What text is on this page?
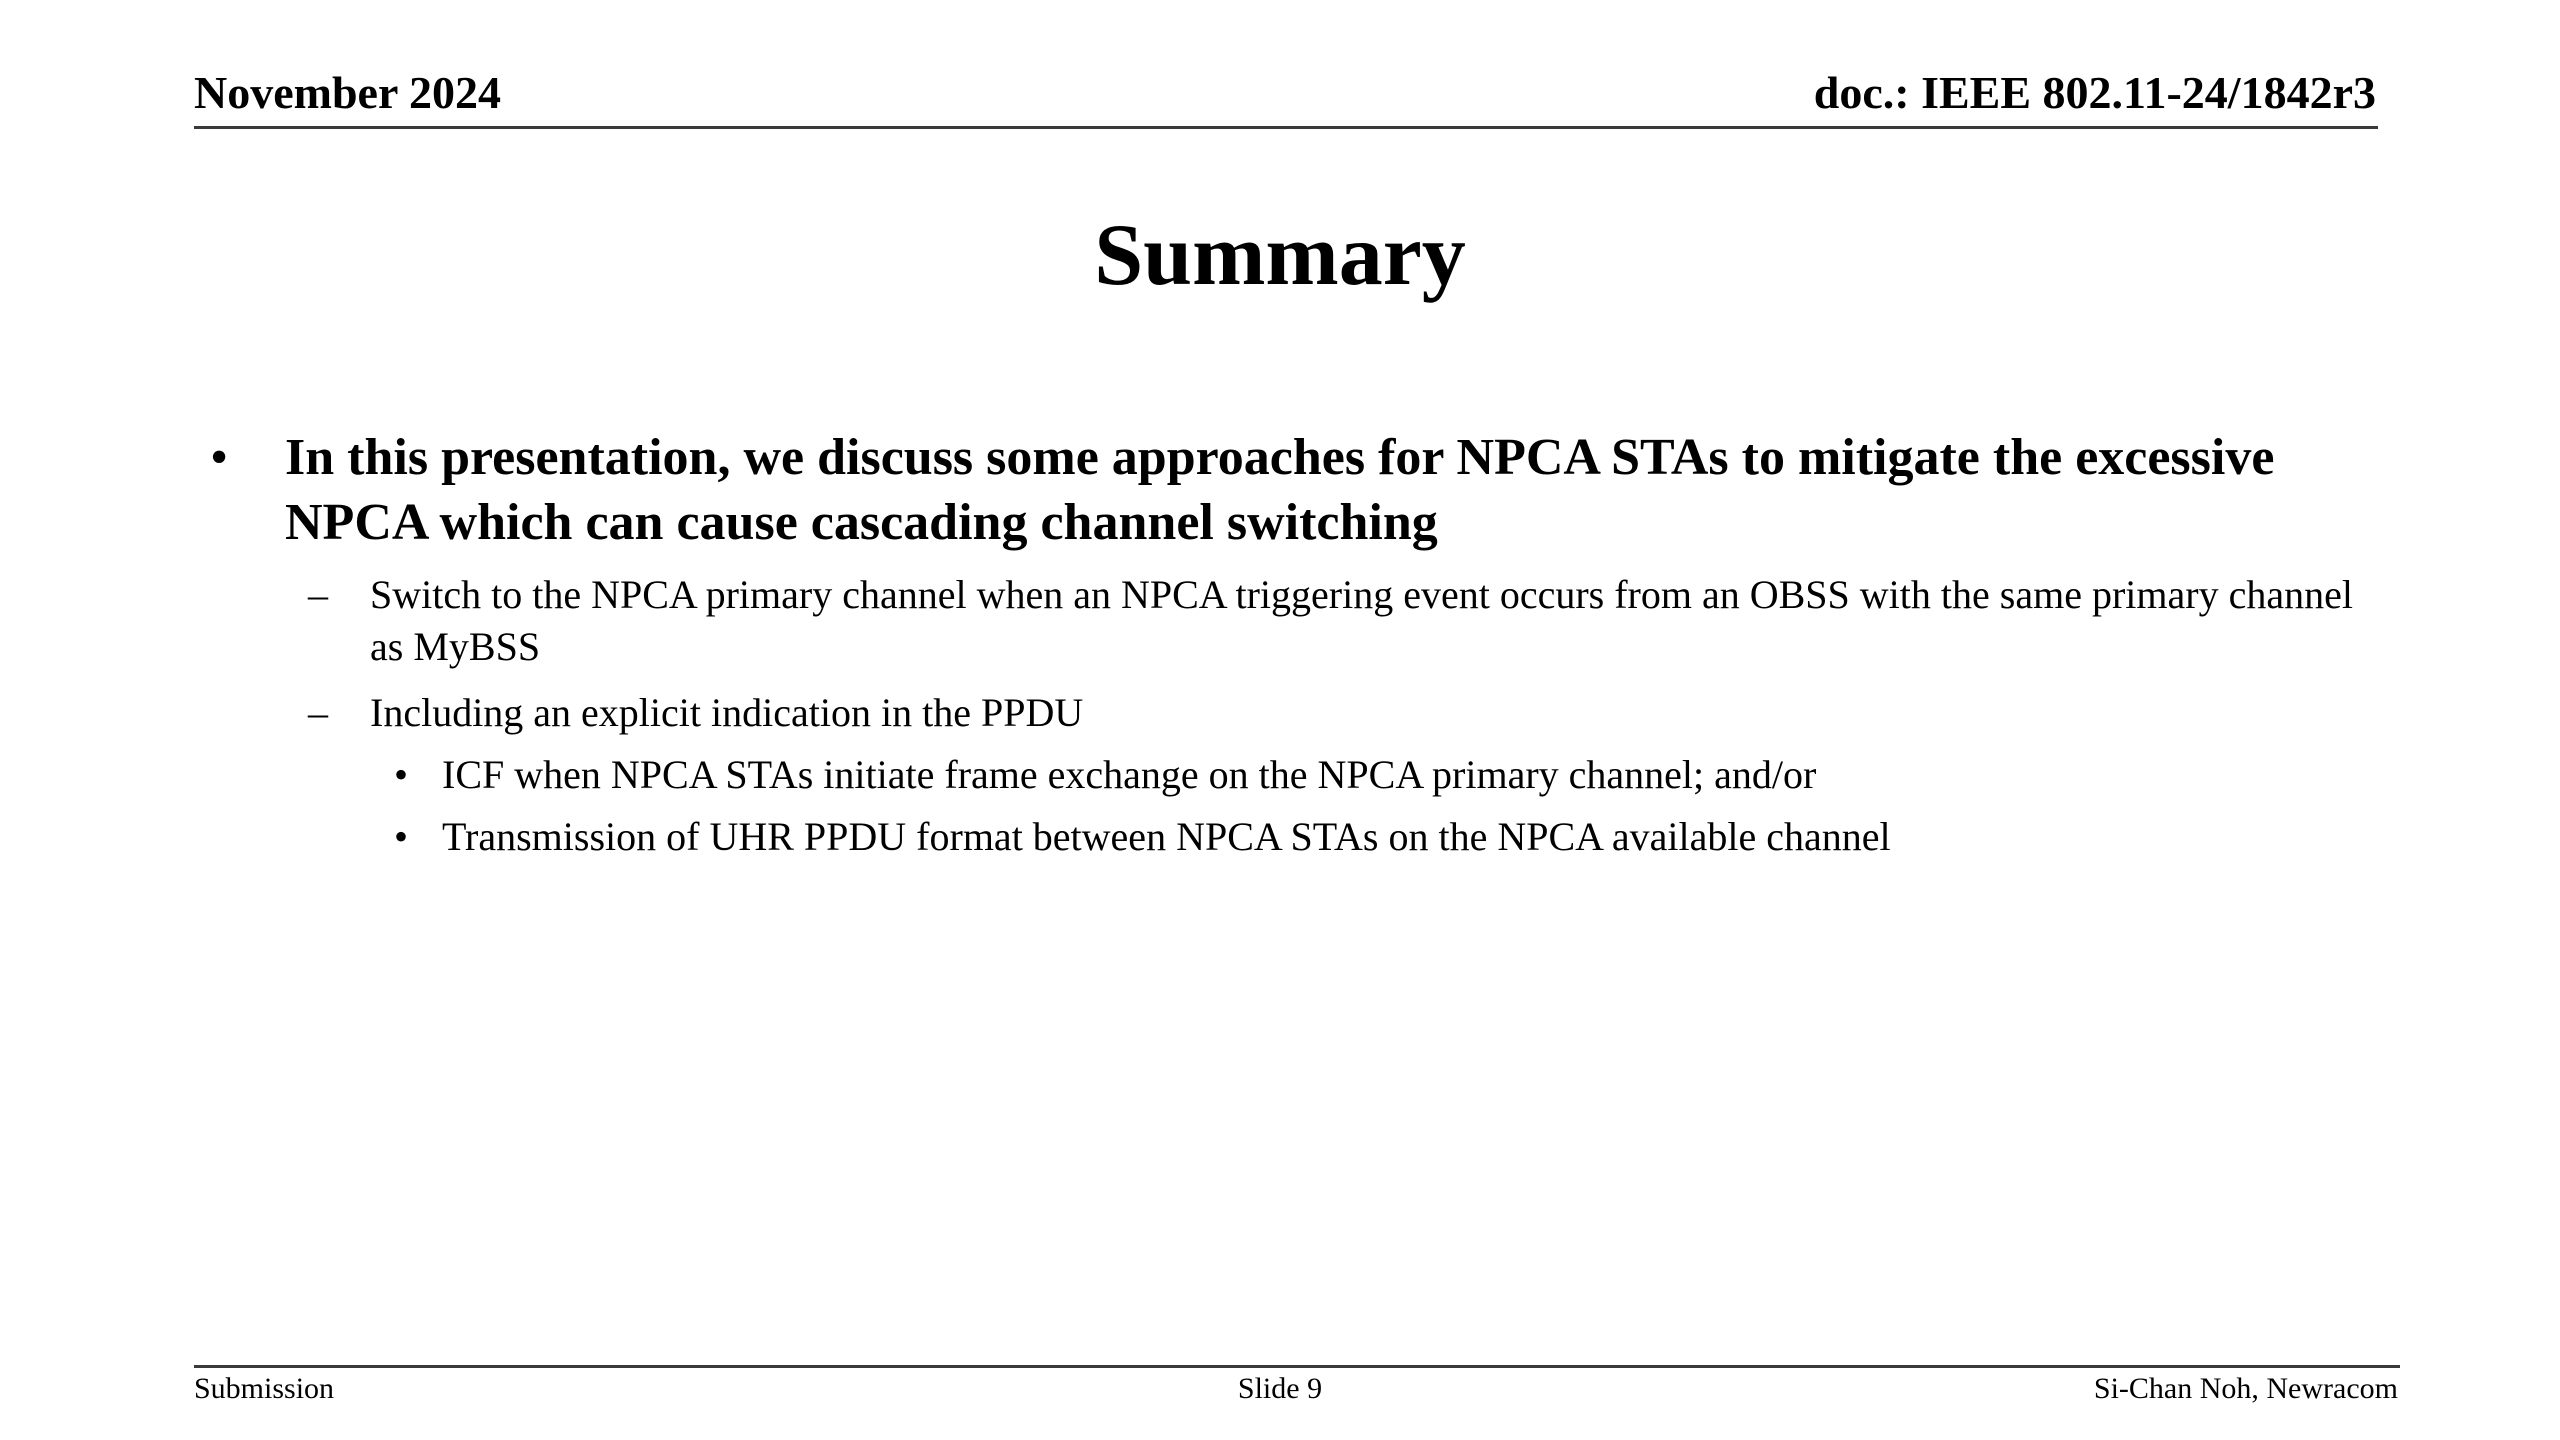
November 2024	doc.: IEEE 802.11-24/1842r3
Summary
• In this presentation, we discuss some approaches for NPCA STAs to mitigate the excessive NPCA which can cause cascading channel switching
– Switch to the NPCA primary channel when an NPCA triggering event occurs from an OBSS with the same primary channel as MyBSS
– Including an explicit indication in the PPDU
• ICF when NPCA STAs initiate frame exchange on the NPCA primary channel; and/or
• Transmission of UHR PPDU format between NPCA STAs on the NPCA available channel
Submission	Slide 9	Si-Chan Noh, Newracom
